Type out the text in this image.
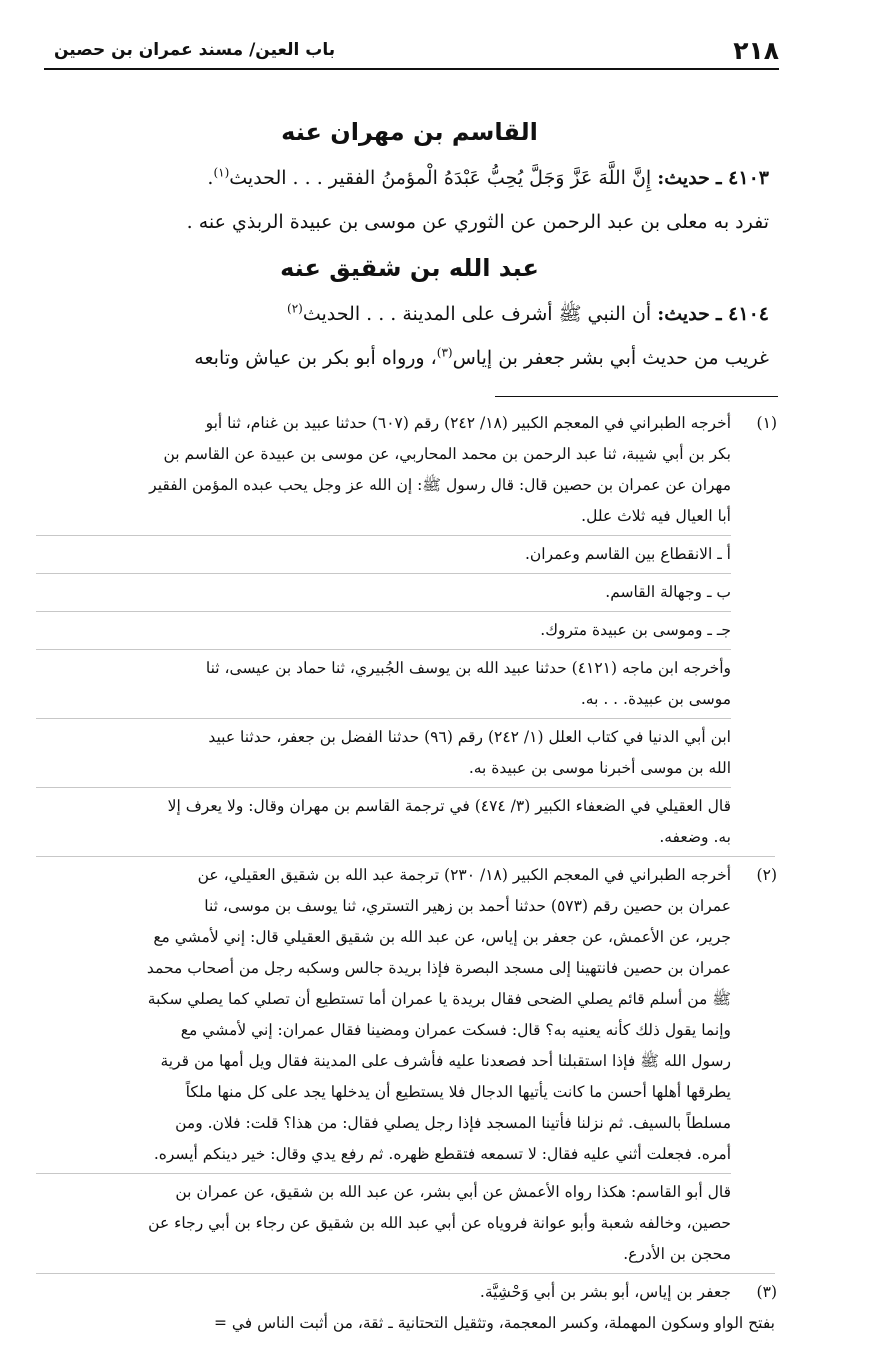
٢١٨
باب العين/ مسند عمران بن حصين
القاسم بن مهران عنه

٤١٠٣ ـ حديث: إِنَّ اللَّهَ عَزَّ وَجَلَّ يُحِبُّ عَبْدَهُ الْمؤمنُ الفقير . . . الحديث$^{(١)}$.

تفرد به معلى بن عبد الرحمن عن الثوري عن موسى بن عبيدة الربذي عنه .

عبد الله بن شقيق عنه

٤١٠٤ ـ حديث: أن النبي ﷺ أشرف على المدينة . . . الحديث$^{(٢)}$

غريب من حديث أبي بشر جعفر بن إياس$^{(٣)}$، ورواه أبو بكر بن عياش وتابعه

(١)

أخرجه الطبراني في المعجم الكبير (١٨/ ٢٤٢) رقم (٦٠٧) حدثنا عبيد بن غنام، ثنا أبو

بكر بن أبي شيبة، ثنا عبد الرحمن بن محمد المحاربي، عن موسى بن عبيدة عن القاسم بن

مهران عن عمران بن حصين قال: قال رسول ﷺ: إن الله عز وجل يحب عبده المؤمن الفقير

أبا العيال فيه ثلاث علل.

أ ـ الانقطاع بين القاسم وعمران.

ب ـ وجهالة القاسم.

جـ ـ وموسى بن عبيدة متروك.

وأخرجه ابن ماجه (٤١٢١) حدثنا عبيد الله بن يوسف الجُبيري، ثنا حماد بن عيسى، ثنا

موسى بن عبيدة. . . به.

ابن أبي الدنيا في كتاب العلل (١/ ٢٤٢) رقم (٩٦) حدثنا الفضل بن جعفر، حدثنا عبيد

الله بن موسى أخبرنا موسى بن عبيدة به.

قال العقيلي في الضعفاء الكبير (٣/ ٤٧٤) في ترجمة القاسم بن مهران وقال: ولا يعرف إلا

به. وضعفه.

(٢)

أخرجه الطبراني في المعجم الكبير (١٨/ ٢٣٠) ترجمة عبد الله بن شقيق العقيلي، عن

عمران بن حصين رقم (٥٧٣) حدثنا أحمد بن زهير التستري، ثنا يوسف بن موسى، ثنا

جرير، عن الأعمش، عن جعفر بن إياس، عن عبد الله بن شقيق العقيلي قال: إني لأمشي مع

عمران بن حصين فانتهينا إلى مسجد البصرة فإذا بريدة جالس وسكبه رجل من أصحاب محمد

ﷺ من أسلم قائم يصلي الضحى فقال بريدة يا عمران أما تستطيع أن تصلي كما يصلي سكبة

وإنما يقول ذلك كأنه يعنيه به؟ قال: فسكت عمران ومضينا فقال عمران: إني لأمشي مع

رسول الله ﷺ فإذا استقبلنا أحد فصعدنا عليه فأشرف على المدينة فقال ويل أمها من قرية

يطرقها أهلها أحسن ما كانت يأتيها الدجال فلا يستطيع أن يدخلها يجد على كل منها ملكاً

مسلطاً بالسيف. ثم نزلنا فأتينا المسجد فإذا رجل يصلي فقال: من هذا؟ قلت: فلان. ومن

أمره. فجعلت أثني عليه فقال: لا تسمعه فتقطع ظهره. ثم رفع يدي وقال: خير دينكم أيسره.

قال أبو القاسم: هكذا رواه الأعمش عن أبي بشر، عن عبد الله بن شقيق، عن عمران بن

حصين، وخالفه شعبة وأبو عوانة فروياه عن أبي عبد الله بن شقيق عن رجاء بن أبي رجاء عن

محجن بن الأدرع.

(٣)

جعفر بن إياس، أبو بشر بن أبي وَحْشِيَّة.

بفتح الواو وسكون المهملة، وكسر المعجمة، وتثقيل التحتانية ـ ثقة، من أثبت الناس في =
